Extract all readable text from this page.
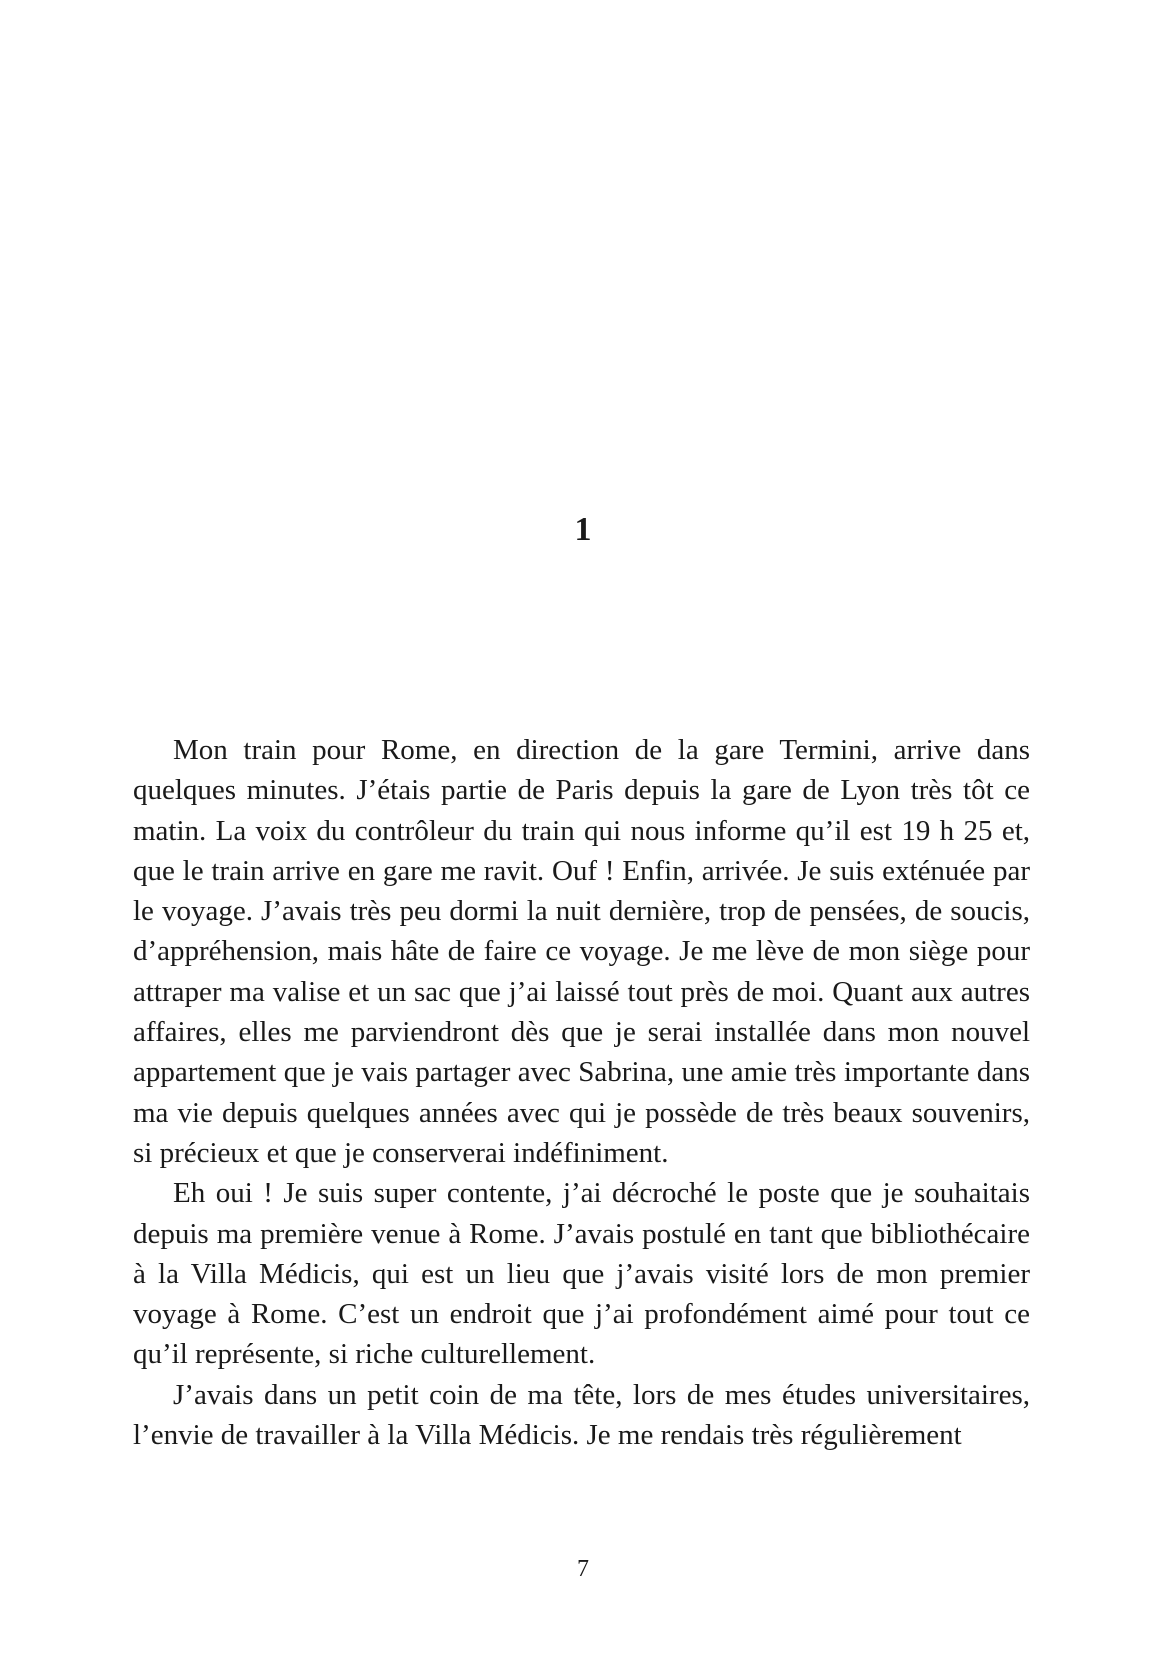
1

Mon train pour Rome, en direction de la gare Termini, arrive dans quelques minutes. J’étais partie de Paris depuis la gare de Lyon très tôt ce matin. La voix du contrôleur du train qui nous informe qu’il est 19 h 25 et, que le train arrive en gare me ravit. Ouf ! Enfin, arrivée. Je suis exténuée par le voyage. J’avais très peu dormi la nuit dernière, trop de pensées, de soucis, d’appréhension, mais hâte de faire ce voyage. Je me lève de mon siège pour attraper ma valise et un sac que j’ai laissé tout près de moi. Quant aux autres affaires, elles me parviendront dès que je serai installée dans mon nouvel appartement que je vais partager avec Sabrina, une amie très importante dans ma vie depuis quelques années avec qui je possède de très beaux souvenirs, si précieux et que je conserverai indéfiniment.

Eh oui ! Je suis super contente, j’ai décroché le poste que je souhaitais depuis ma première venue à Rome. J’avais postulé en tant que bibliothécaire à la Villa Médicis, qui est un lieu que j’avais visité lors de mon premier voyage à Rome. C’est un endroit que j’ai profondément aimé pour tout ce qu’il représente, si riche culturellement.

J’avais dans un petit coin de ma tête, lors de mes études universitaires, l’envie de travailler à la Villa Médicis. Je me rendais très régulièrement

7
